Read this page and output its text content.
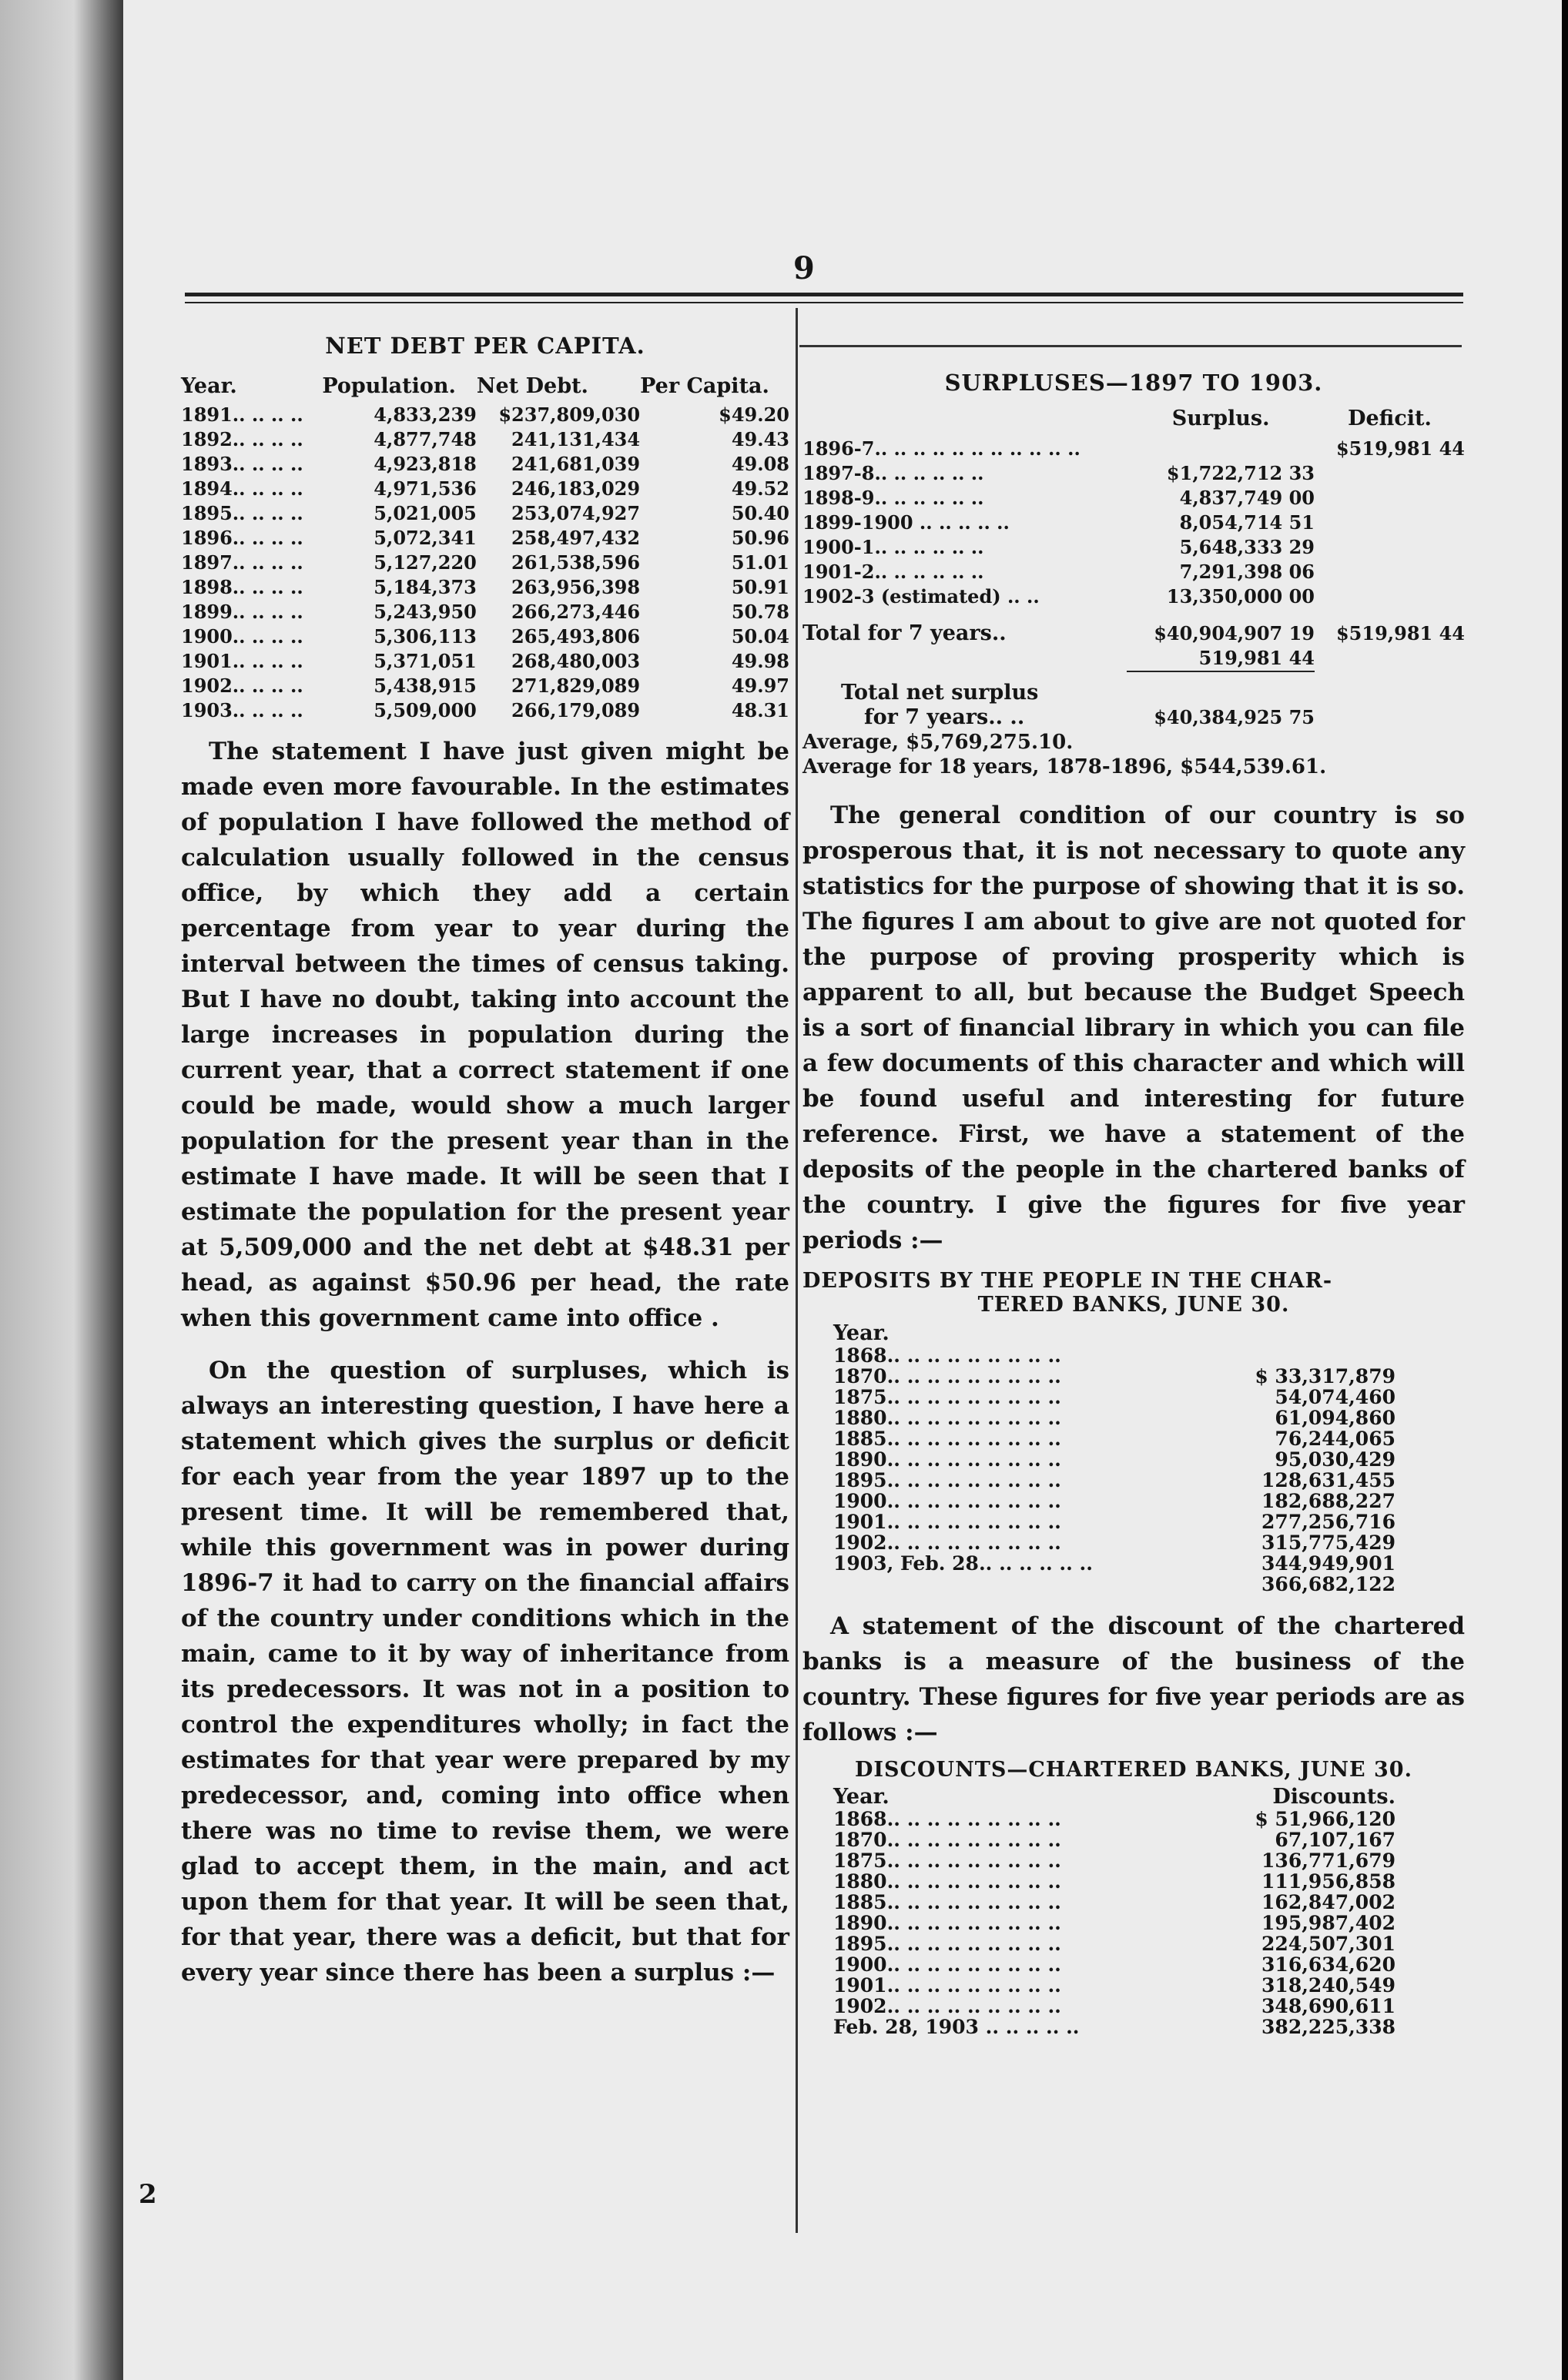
9

NET DEBT PER CAPITA.

Year.	Population.	Net Debt.	Per Capita.
1891.. .. .. ..	4,833,239	$237,809,030	$49.20
1892.. .. .. ..	4,877,748	241,131,434	49.43
1893.. .. .. ..	4,923,818	241,681,039	49.08
1894.. .. .. ..	4,971,536	246,183,029	49.52
1895.. .. .. ..	5,021,005	253,074,927	50.40
1896.. .. .. ..	5,072,341	258,497,432	50.96
1897.. .. .. ..	5,127,220	261,538,596	51.01
1898.. .. .. ..	5,184,373	263,956,398	50.91
1899.. .. .. ..	5,243,950	266,273,446	50.78
1900.. .. .. ..	5,306,113	265,493,806	50.04
1901.. .. .. ..	5,371,051	268,480,003	49.98
1902.. .. .. ..	5,438,915	271,829,089	49.97
1903.. .. .. ..	5,509,000	266,179,089	48.31

The statement I have just given might be made even more favourable. In the estimates of population I have followed the method of calculation usually followed in the census office, by which they add a certain percentage from year to year during the interval between the times of census taking. But I have no doubt, taking into account the large increases in population during the current year, that a correct statement if one could be made, would show a much larger population for the present year than in the estimate I have made. It will be seen that I estimate the population for the present year at 5,509,000 and the net debt at $48.31 per head, as against $50.96 per head, the rate when this government came into office .

On the question of surpluses, which is always an interesting question, I have here a statement which gives the surplus or deficit for each year from the year 1897 up to the present time. It will be remembered that, while this government was in power during 1896-7 it had to carry on the financial affairs of the country under conditions which in the main, came to it by way of inheritance from its predecessors. It was not in a position to control the expenditures wholly; in fact the estimates for that year were prepared by my predecessor, and, coming into office when there was no time to revise them, we were glad to accept them, in the main, and act upon them for that year. It will be seen that, for that year, there was a deficit, but that for every year since there has been a surplus :—

SURPLUSES—1897 TO 1903.

	Surplus.	Deficit.
1896-7.. .. .. .. .. .. .. .. .. .. ..		$519,981 44
1897-8.. .. .. .. .. ..	$1,722,712 33	
1898-9.. .. .. .. .. ..	4,837,749 00	
1899-1900 .. .. .. .. ..	8,054,714 51	
1900-1.. .. .. .. .. ..	5,648,333 29	
1901-2.. .. .. .. .. ..	7,291,398 06	
1902-3 (estimated) .. ..	13,350,000 00	
Total for 7 years..	$40,904,907 19	$519,981 44
	519,981 44	
Total net surplus		
for 7 years.. ..	$40,384,925 75	
Average, $5,769,275.10.		
Average for 18 years, 1878-1896, $544,539.61.		

The general condition of our country is so prosperous that, it is not necessary to quote any statistics for the purpose of showing that it is so. The figures I am about to give are not quoted for the purpose of proving prosperity which is apparent to all, but because the Budget Speech is a sort of financial library in which you can file a few documents of this character and which will be found useful and interesting for future reference. First, we have a statement of the deposits of the people in the chartered banks of the country. I give the figures for five year periods :—

DEPOSITS BY THE PEOPLE IN THE CHAR-

TERED BANKS, JUNE 30.

Year.	
1868.. .. .. .. .. .. .. .. ..	
1870.. .. .. .. .. .. .. .. ..	$ 33,317,879
1875.. .. .. .. .. .. .. .. ..	54,074,460
1880.. .. .. .. .. .. .. .. ..	61,094,860
1885.. .. .. .. .. .. .. .. ..	76,244,065
1890.. .. .. .. .. .. .. .. ..	95,030,429
1895.. .. .. .. .. .. .. .. ..	128,631,455
1900.. .. .. .. .. .. .. .. ..	182,688,227
1901.. .. .. .. .. .. .. .. ..	277,256,716
1902.. .. .. .. .. .. .. .. ..	315,775,429
1903, Feb. 28.. .. .. .. .. ..	344,949,901
	366,682,122

A statement of the discount of the chartered banks is a measure of the business of the country. These figures for five year periods are as follows :—

DISCOUNTS—CHARTERED BANKS, JUNE 30.

Year.	Discounts.
1868.. .. .. .. .. .. .. .. ..	$ 51,966,120
1870.. .. .. .. .. .. .. .. ..	67,107,167
1875.. .. .. .. .. .. .. .. ..	136,771,679
1880.. .. .. .. .. .. .. .. ..	111,956,858
1885.. .. .. .. .. .. .. .. ..	162,847,002
1890.. .. .. .. .. .. .. .. ..	195,987,402
1895.. .. .. .. .. .. .. .. ..	224,507,301
1900.. .. .. .. .. .. .. .. ..	316,634,620
1901.. .. .. .. .. .. .. .. ..	318,240,549
1902.. .. .. .. .. .. .. .. ..	348,690,611
Feb. 28, 1903 .. .. .. .. ..	382,225,338
2
